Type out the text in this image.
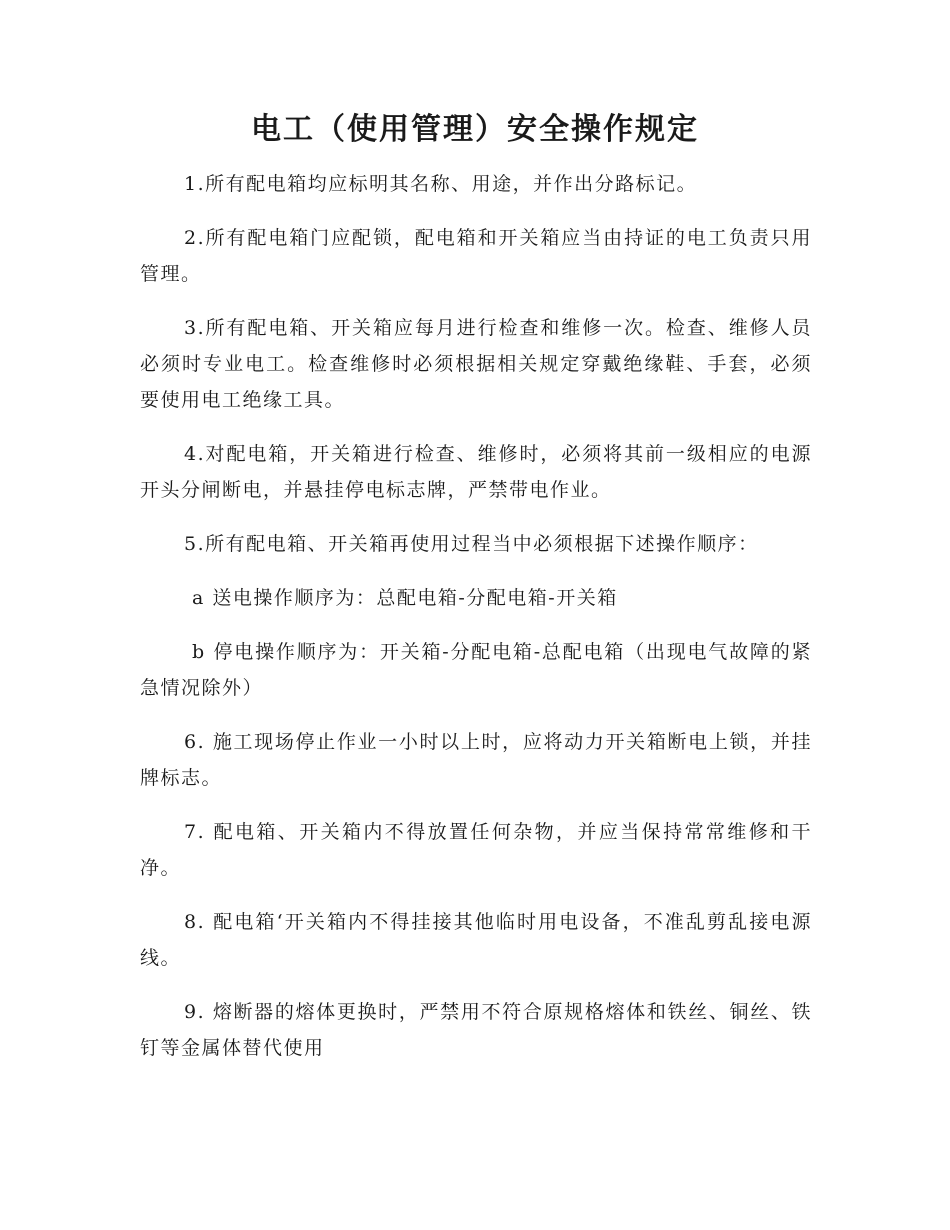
电工（使用管理）安全操作规定

1.所有配电箱均应标明其名称、用途，并作出分路标记。

2.所有配电箱门应配锁，配电箱和开关箱应当由持证的电工负责只用管理。

3.所有配电箱、开关箱应每月进行检查和维修一次。检查、维修人员必须时专业电工。检查维修时必须根据相关规定穿戴绝缘鞋、手套，必须要使用电工绝缘工具。

4.对配电箱，开关箱进行检查、维修时，必须将其前一级相应的电源开头分闸断电，并悬挂停电标志牌，严禁带电作业。

5.所有配电箱、开关箱再使用过程当中必须根据下述操作顺序：

a 送电操作顺序为：总配电箱-分配电箱-开关箱

b 停电操作顺序为：开关箱-分配电箱-总配电箱（出现电气故障的紧急情况除外）

6. 施工现场停止作业一小时以上时，应将动力开关箱断电上锁，并挂牌标志。

7. 配电箱、开关箱内不得放置任何杂物，并应当保持常常维修和干净。

8. 配电箱‘开关箱内不得挂接其他临时用电设备，不准乱剪乱接电源线。

9. 熔断器的熔体更换时，严禁用不符合原规格熔体和铁丝、铜丝、铁钉等金属体替代使用
